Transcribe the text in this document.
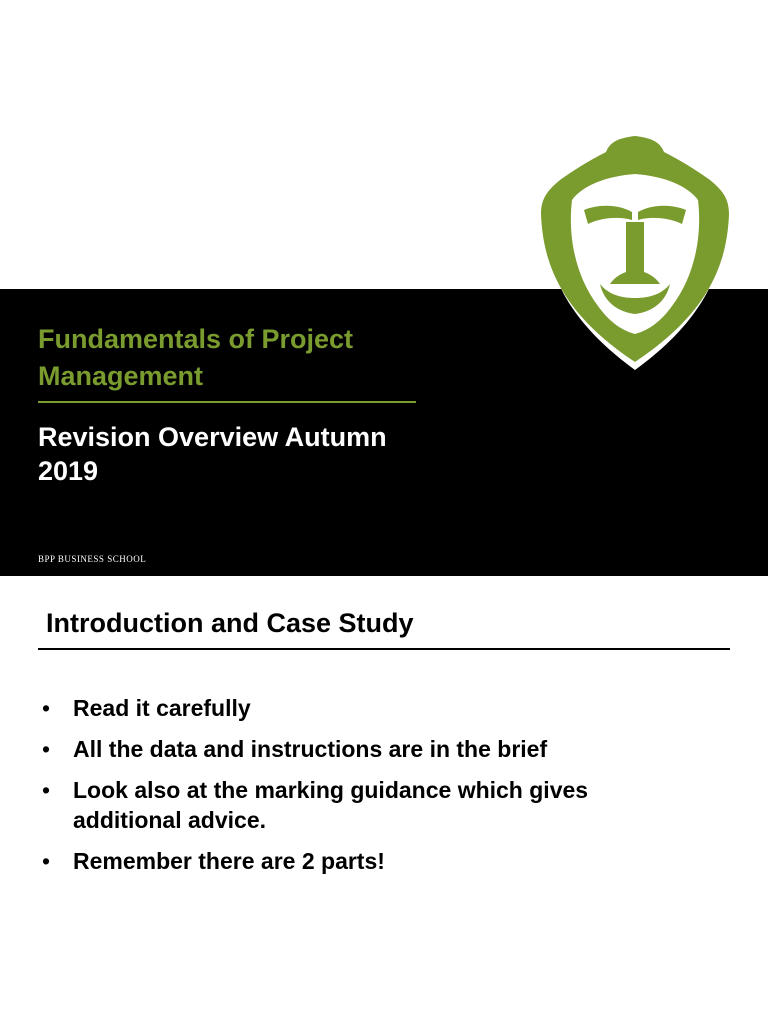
Fundamentals of Project Management
Revision Overview Autumn 2019
BPP BUSINESS SCHOOL
Introduction and Case Study
• Read it carefully
• All the data and instructions are in the brief
• Look also at the marking guidance which gives additional advice.
• Remember there are 2 parts!
